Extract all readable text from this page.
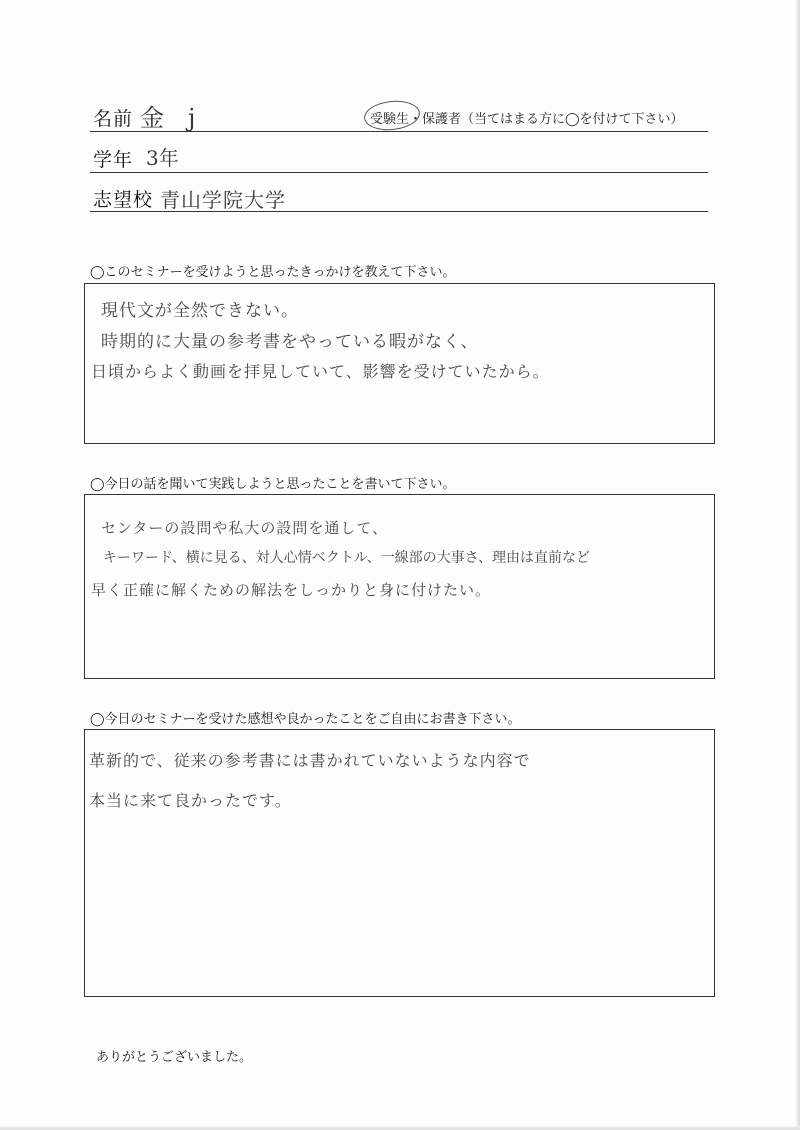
名前 金　j	受験生・保護者（当てはまる方に◯を付けて下さい）
学年 3年
志望校 青山学院大学
◯このセミナーを受けようと思ったきっかけを教えて下さい。
現代文が全然できない。
時期的に大量の参考書をやっている暇がなく、
日頃からよく動画を拝見していて、影響を受けていたから。
◯今日の話を聞いて実践しようと思ったことを書いて下さい。
センターの設問や私大の設問を通して、
キーワード、横に見る、対人心情ベクトル、一線部の大事さ、理由は直前など
早く正確に解くための解法をしっかりと身に付けたい。
◯今日のセミナーを受けた感想や良かったことをご自由にお書き下さい。
革新的で、従来の参考書には書かれていないような内容で
本当に来て良かったです。
ありがとうございました。
